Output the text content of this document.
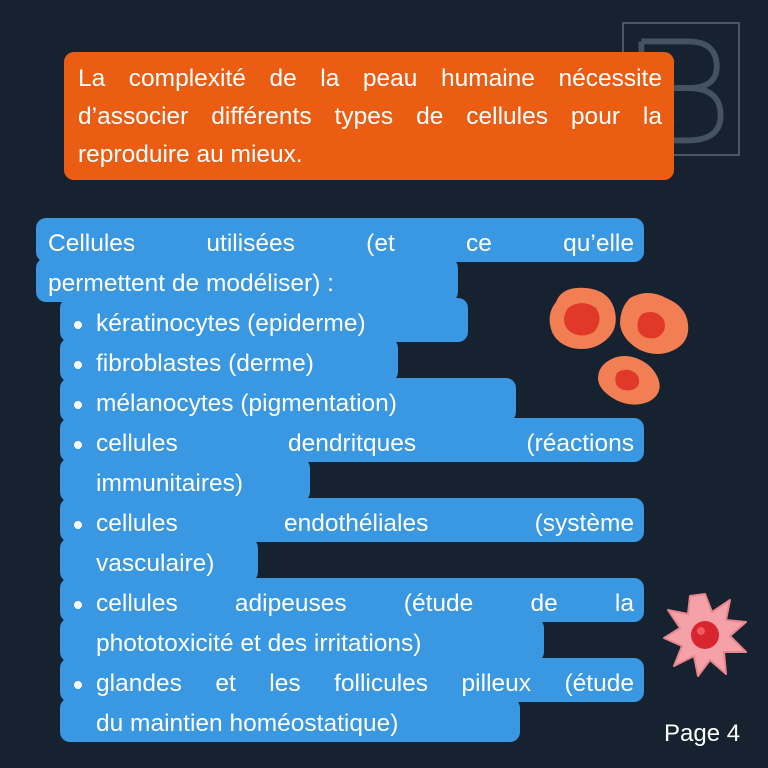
La complexité de la peau humaine nécessite
d’associer différents types de cellules pour la
reproduire au mieux.
Cellules utilisées (et ce qu’elle
permettent de modéliser) :
kératinocytes (epiderme)
fibroblastes (derme)
mélanocytes (pigmentation)
cellules dendritques (réactions
immunitaires)
cellules endothéliales (système
vasculaire)
cellules adipeuses (étude de la
phototoxicité et des irritations)
glandes et les follicules pilleux (étude
du maintien homéostatique)	Page 4
